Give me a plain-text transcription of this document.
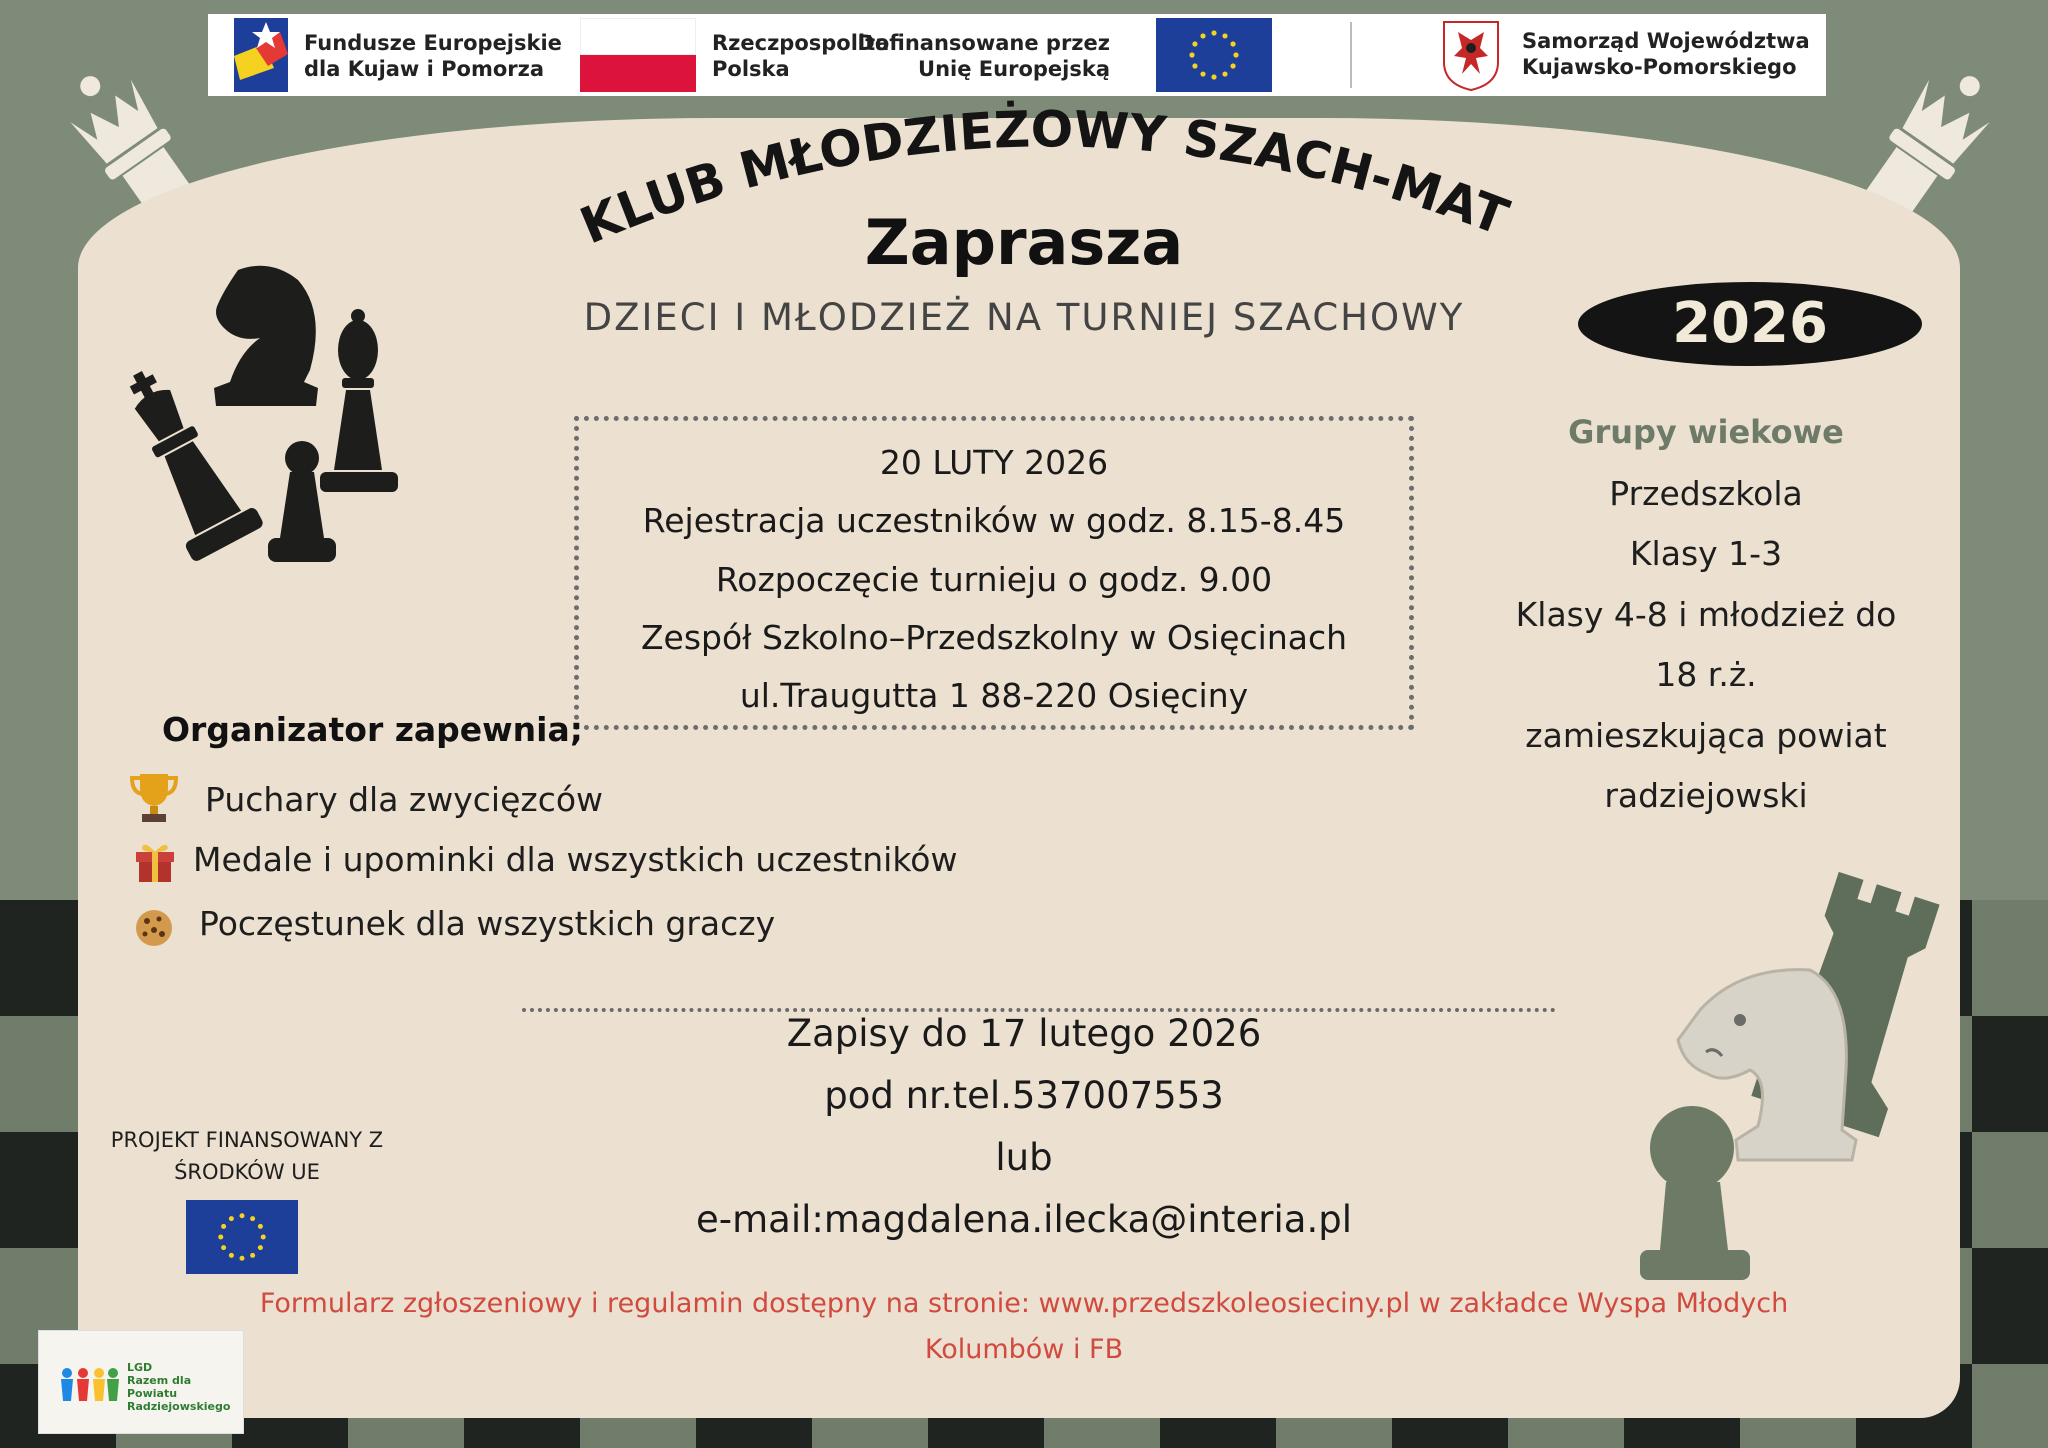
Fundusze Europejskie
dla Kujaw i Pomorza
Rzeczpospolita
Polska
Dofinansowane przez
Unię Europejską
Samorząd Województwa
Kujawsko-Pomorskiego
KLUB MŁODZIEŻOWY SZACH-MAT
Zaprasza
DZIECI I MŁODZIEŻ NA TURNIEJ SZACHOWY	2026
20 LUTY 2026
Rejestracja uczestników w godz. 8.15-8.45
Rozpoczęcie turnieju o godz. 9.00
Zespół Szkolno–Przedszkolny w Osięcinach
ul.Traugutta 1 88-220 Osięciny
Grupy wiekowe
Przedszkola
Klasy 1-3
Klasy 4-8 i młodzież do
18 r.ż.
zamieszkująca powiat
radziejowski
Organizator zapewnia;
Puchary dla zwycięzców
Medale i upominki dla wszystkich uczestników
Poczęstunek dla wszystkich graczy
Zapisy do 17 lutego 2026
pod nr.tel.537007553
lub
e-mail:magdalena.ilecka@interia.pl
Formularz zgłoszeniowy i regulamin dostępny na stronie: www.przedszkoleosieciny.pl w zakładce Wyspa Młodych
Kolumbów i FB
PROJEKT FINANSOWANY Z
ŚRODKÓW UE
LGD
Razem dla Powiatu
Radziejowskiego
